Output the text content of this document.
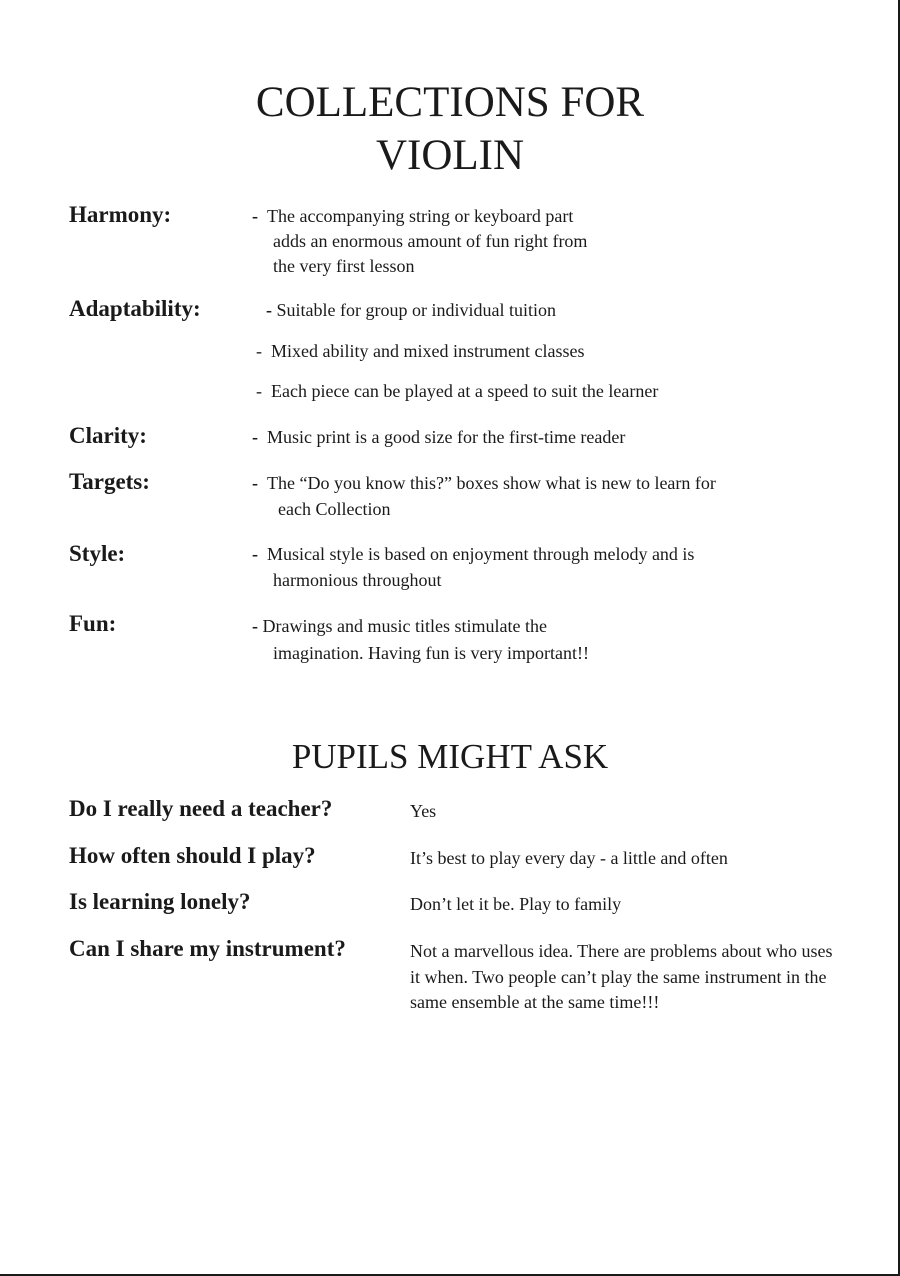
COLLECTIONS FOR
VIOLIN
Harmony:	- The accompanying string or keyboard part
adds an enormous amount of fun right from
the very first lesson
Adaptability:	- Suitable for group or individual tuition
- Mixed ability and mixed instrument classes
- Each piece can be played at a speed to suit the learner
Clarity:	- Music print is a good size for the first-time reader
Targets:	- The “Do you know this?” boxes show what is new to learn for
each Collection
Style:	- Musical style is based on enjoyment through melody and is
harmonious throughout
Fun:	- Drawings and music titles stimulate the
imagination. Having fun is very important!!
PUPILS MIGHT ASK
Do I really need a teacher?	Yes
How often should I play?	It’s best to play every day - a little and often
Is learning lonely?	Don’t let it be. Play to family
Can I share my instrument?	Not a marvellous idea. There are problems about who uses it when. Two people can’t play the same instrument in the same ensemble at the same time!!!
